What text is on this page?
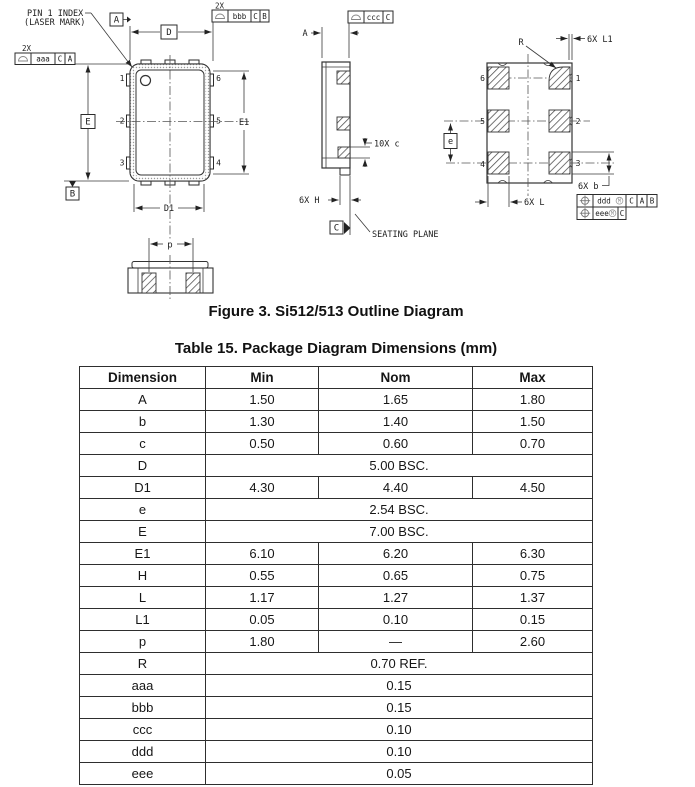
1
2
3
6
5
4
PIN 1 INDEX
(LASER MARK)
D
A
2X
aaa C A
E
B
E1
D1
2X
bbb C B	ccc C
A
10X c
6X H
C
SEATING PLANE
p
6
5
4
1
2
3
R	6X L1
e
6X L
6X b
ddd M C A B
eee M C
Figure 3. Si512/513 Outline Diagram
Table 15. Package Diagram Dimensions (mm)
Dimension	Min	Nom	Max
A	1.50	1.65	1.80
b	1.30	1.40	1.50
c	0.50	0.60	0.70
D	5.00 BSC.		
D1	4.30	4.40	4.50
e	2.54 BSC.		
E	7.00 BSC.		
E1	6.10	6.20	6.30
H	0.55	0.65	0.75
L	1.17	1.27	1.37
L1	0.05	0.10	0.15
p	1.80	—	2.60
R	0.70 REF.		
aaa	0.15		
bbb	0.15		
ccc	0.10		
ddd	0.10		
eee	0.05		
